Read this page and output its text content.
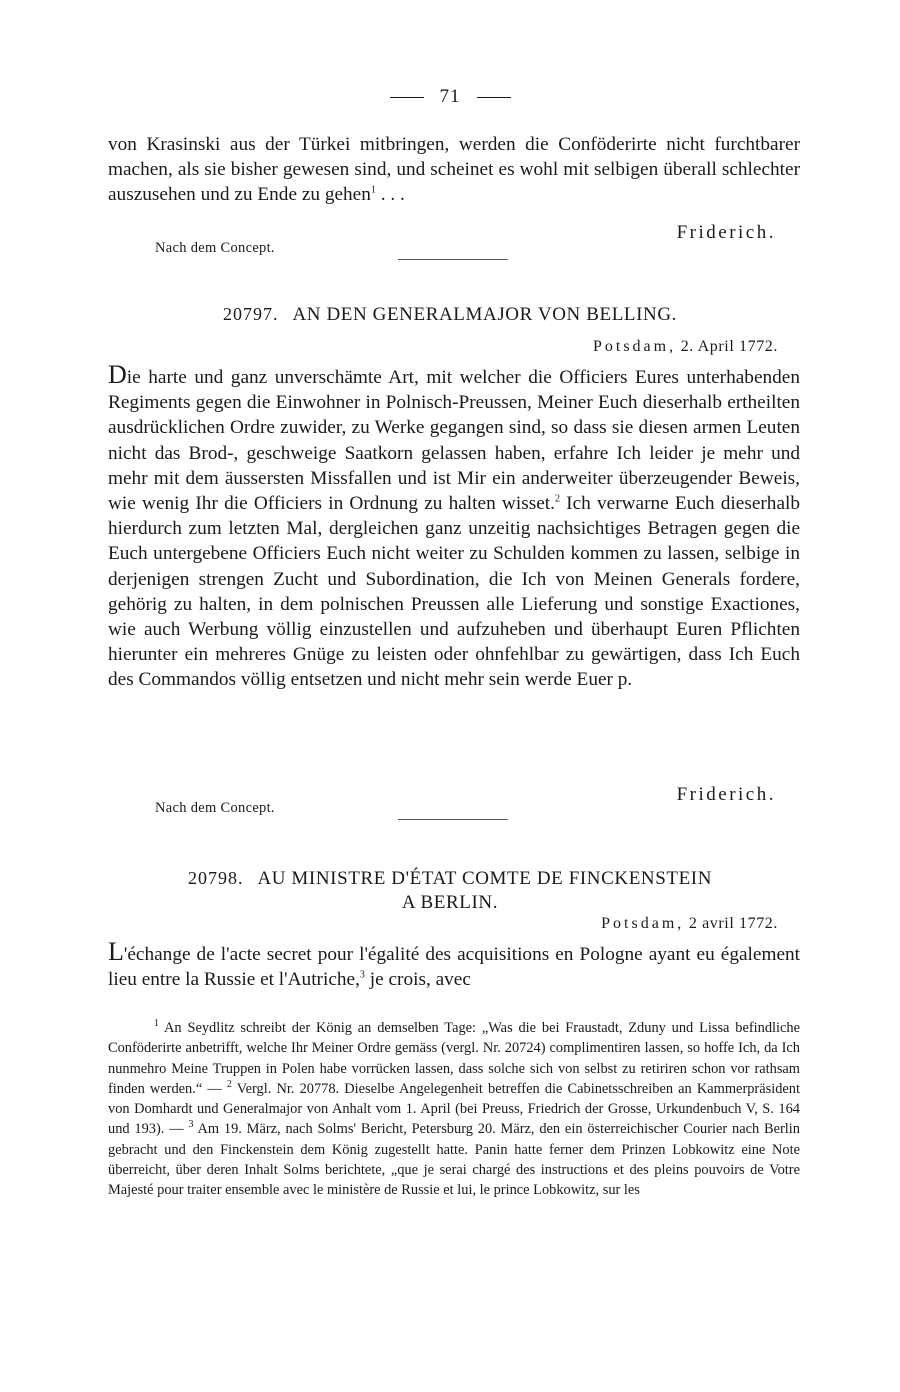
71
von Krasinski aus der Türkei mitbringen, werden die Conföderirte nicht furchtbarer machen, als sie bisher gewesen sind, und scheinet es wohl mit selbigen überall schlechter auszusehen und zu Ende zu gehen$^1$ . . .
Friderich.
Nach dem Concept.
20797. AN DEN GENERALMAJOR VON BELLING.
Potsdam, 2. April 1772.
Die harte und ganz unverschämte Art, mit welcher die Officiers Eures unterhabenden Regiments gegen die Einwohner in Polnisch-Preussen, Meiner Euch dieserhalb ertheilten ausdrücklichen Ordre zuwider, zu Werke gegangen sind, so dass sie diesen armen Leuten nicht das Brod-, geschweige Saatkorn gelassen haben, erfahre Ich leider je mehr und mehr mit dem äussersten Missfallen und ist Mir ein anderweiter überzeugender Beweis, wie wenig Ihr die Officiers in Ordnung zu halten wisset.$^2$ Ich verwarne Euch dieserhalb hierdurch zum letzten Mal, dergleichen ganz unzeitig nachsichtiges Betragen gegen die Euch untergebene Officiers Euch nicht weiter zu Schulden kommen zu lassen, selbige in derjenigen strengen Zucht und Subordination, die Ich von Meinen Generals fordere, gehörig zu halten, in dem polnischen Preussen alle Lieferung und sonstige Exactiones, wie auch Werbung völlig einzustellen und aufzuheben und überhaupt Euren Pflichten hierunter ein mehreres Gnüge zu leisten oder ohnfehlbar zu gewärtigen, dass Ich Euch des Commandos völlig entsetzen und nicht mehr sein werde Euer p.
Friderich.
Nach dem Concept.
20798. AU MINISTRE D'ÉTAT COMTE DE FINCKENSTEIN
A BERLIN.
Potsdam, 2 avril 1772.
L'échange de l'acte secret pour l'égalité des acquisitions en Pologne ayant eu également lieu entre la Russie et l'Autriche,$^3$ je crois, avec
$^1$ An Seydlitz schreibt der König an demselben Tage: „Was die bei Fraustadt, Zduny und Lissa befindliche Conföderirte anbetrifft, welche Ihr Meiner Ordre gemäss (vergl. Nr. 20724) complimentiren lassen, so hoffe Ich, da Ich nunmehro Meine Truppen in Polen habe vorrücken lassen, dass solche sich von selbst zu retiriren schon vor rathsam finden werden.“ — $^2$ Vergl. Nr. 20778. Dieselbe Angelegenheit betreffen die Cabinetsschreiben an Kammerpräsident von Domhardt und Generalmajor von Anhalt vom 1. April (bei Preuss, Friedrich der Grosse, Urkundenbuch V, S. 164 und 193). — $^3$ Am 19. März, nach Solms' Bericht, Petersburg 20. März, den ein österreichischer Courier nach Berlin gebracht und den Finckenstein dem König zugestellt hatte. Panin hatte ferner dem Prinzen Lobkowitz eine Note überreicht, über deren Inhalt Solms berichtete, „que je serai chargé des instructions et des pleins pouvoirs de Votre Majesté pour traiter ensemble avec le ministère de Russie et lui, le prince Lobkowitz, sur les
